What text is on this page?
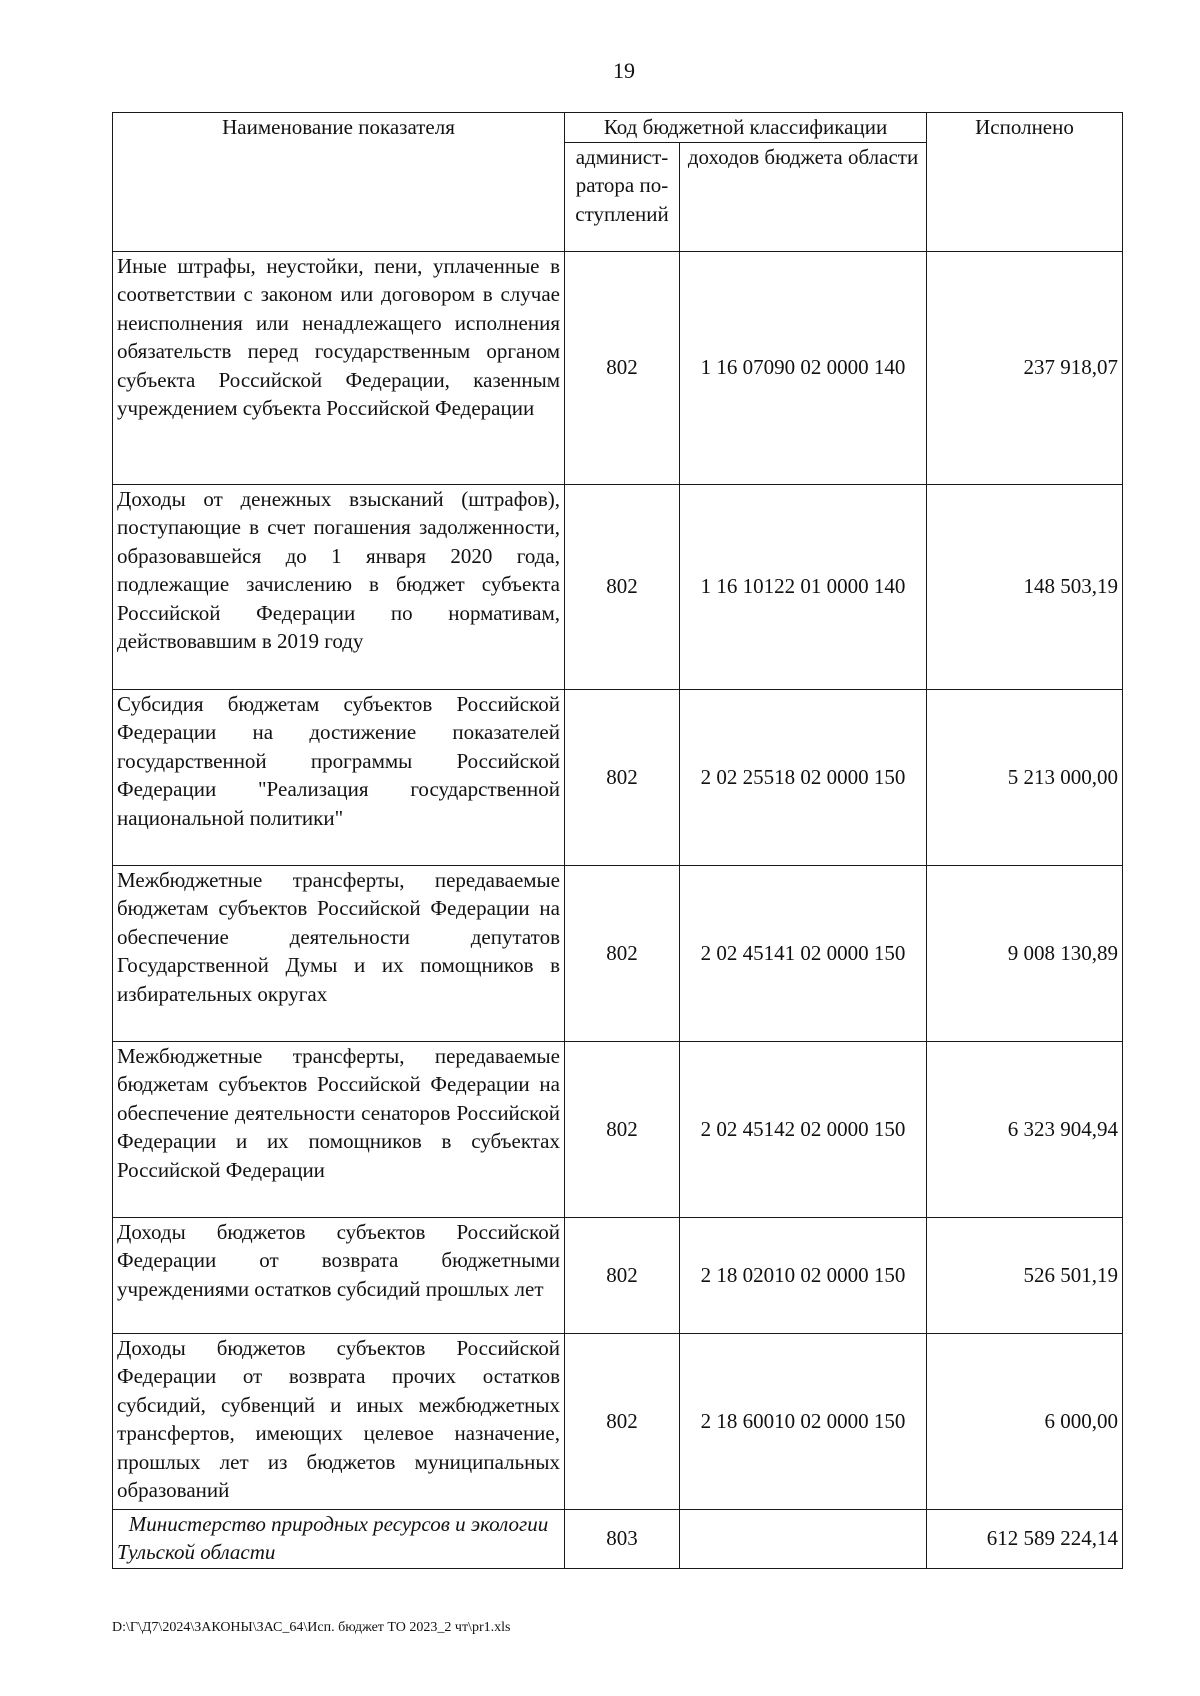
19
Наименование показателя	Код бюджетной классификации		Исполнено
	админист-ратора по-ступлений	доходов бюджета области	
Иные штрафы, неустойки, пени, уплаченные в соответствии с законом или договором в случае неисполнения или ненадлежащего исполнения обязательств перед государственным органом субъекта Российской Федерации, казенным учреждением субъекта Российской Федерации	802	1 16 07090 02 0000 140	237 918,07
Доходы от денежных взысканий (штрафов), поступающие в счет погашения задолженности, образовавшейся до 1 января 2020 года, подлежащие зачислению в бюджет субъекта Российской Федерации по нормативам, действовавшим в 2019 году	802	1 16 10122 01 0000 140	148 503,19
Субсидия бюджетам субъектов Российской Федерации на достижение показателей государственной программы Российской Федерации "Реализация государственной национальной политики"	802	2 02 25518 02 0000 150	5 213 000,00
Межбюджетные трансферты, передаваемые бюджетам субъектов Российской Федерации на обеспечение деятельности депутатов Государственной Думы и их помощников в избирательных округах	802	2 02 45141 02 0000 150	9 008 130,89
Межбюджетные трансферты, передаваемые бюджетам субъектов Российской Федерации на обеспечение деятельности сенаторов Российской Федерации и их помощников в субъектах Российской Федерации	802	2 02 45142 02 0000 150	6 323 904,94
Доходы бюджетов субъектов Российской Федерации от возврата бюджетными учреждениями остатков субсидий прошлых лет	802	2 18 02010 02 0000 150	526 501,19
Доходы бюджетов субъектов Российской Федерации от возврата прочих остатков субсидий, субвенций и иных межбюджетных трансфертов, имеющих целевое назначение, прошлых лет из бюджетов муниципальных образований	802	2 18 60010 02 0000 150	6 000,00
Министерство природных ресурсов и экологии Тульской области	803		612 589 224,14
D:\Г\Д7\2024\ЗАКОНЫ\ЗАС_64\Исп. бюджет ТО 2023_2 чт\pr1.xls
